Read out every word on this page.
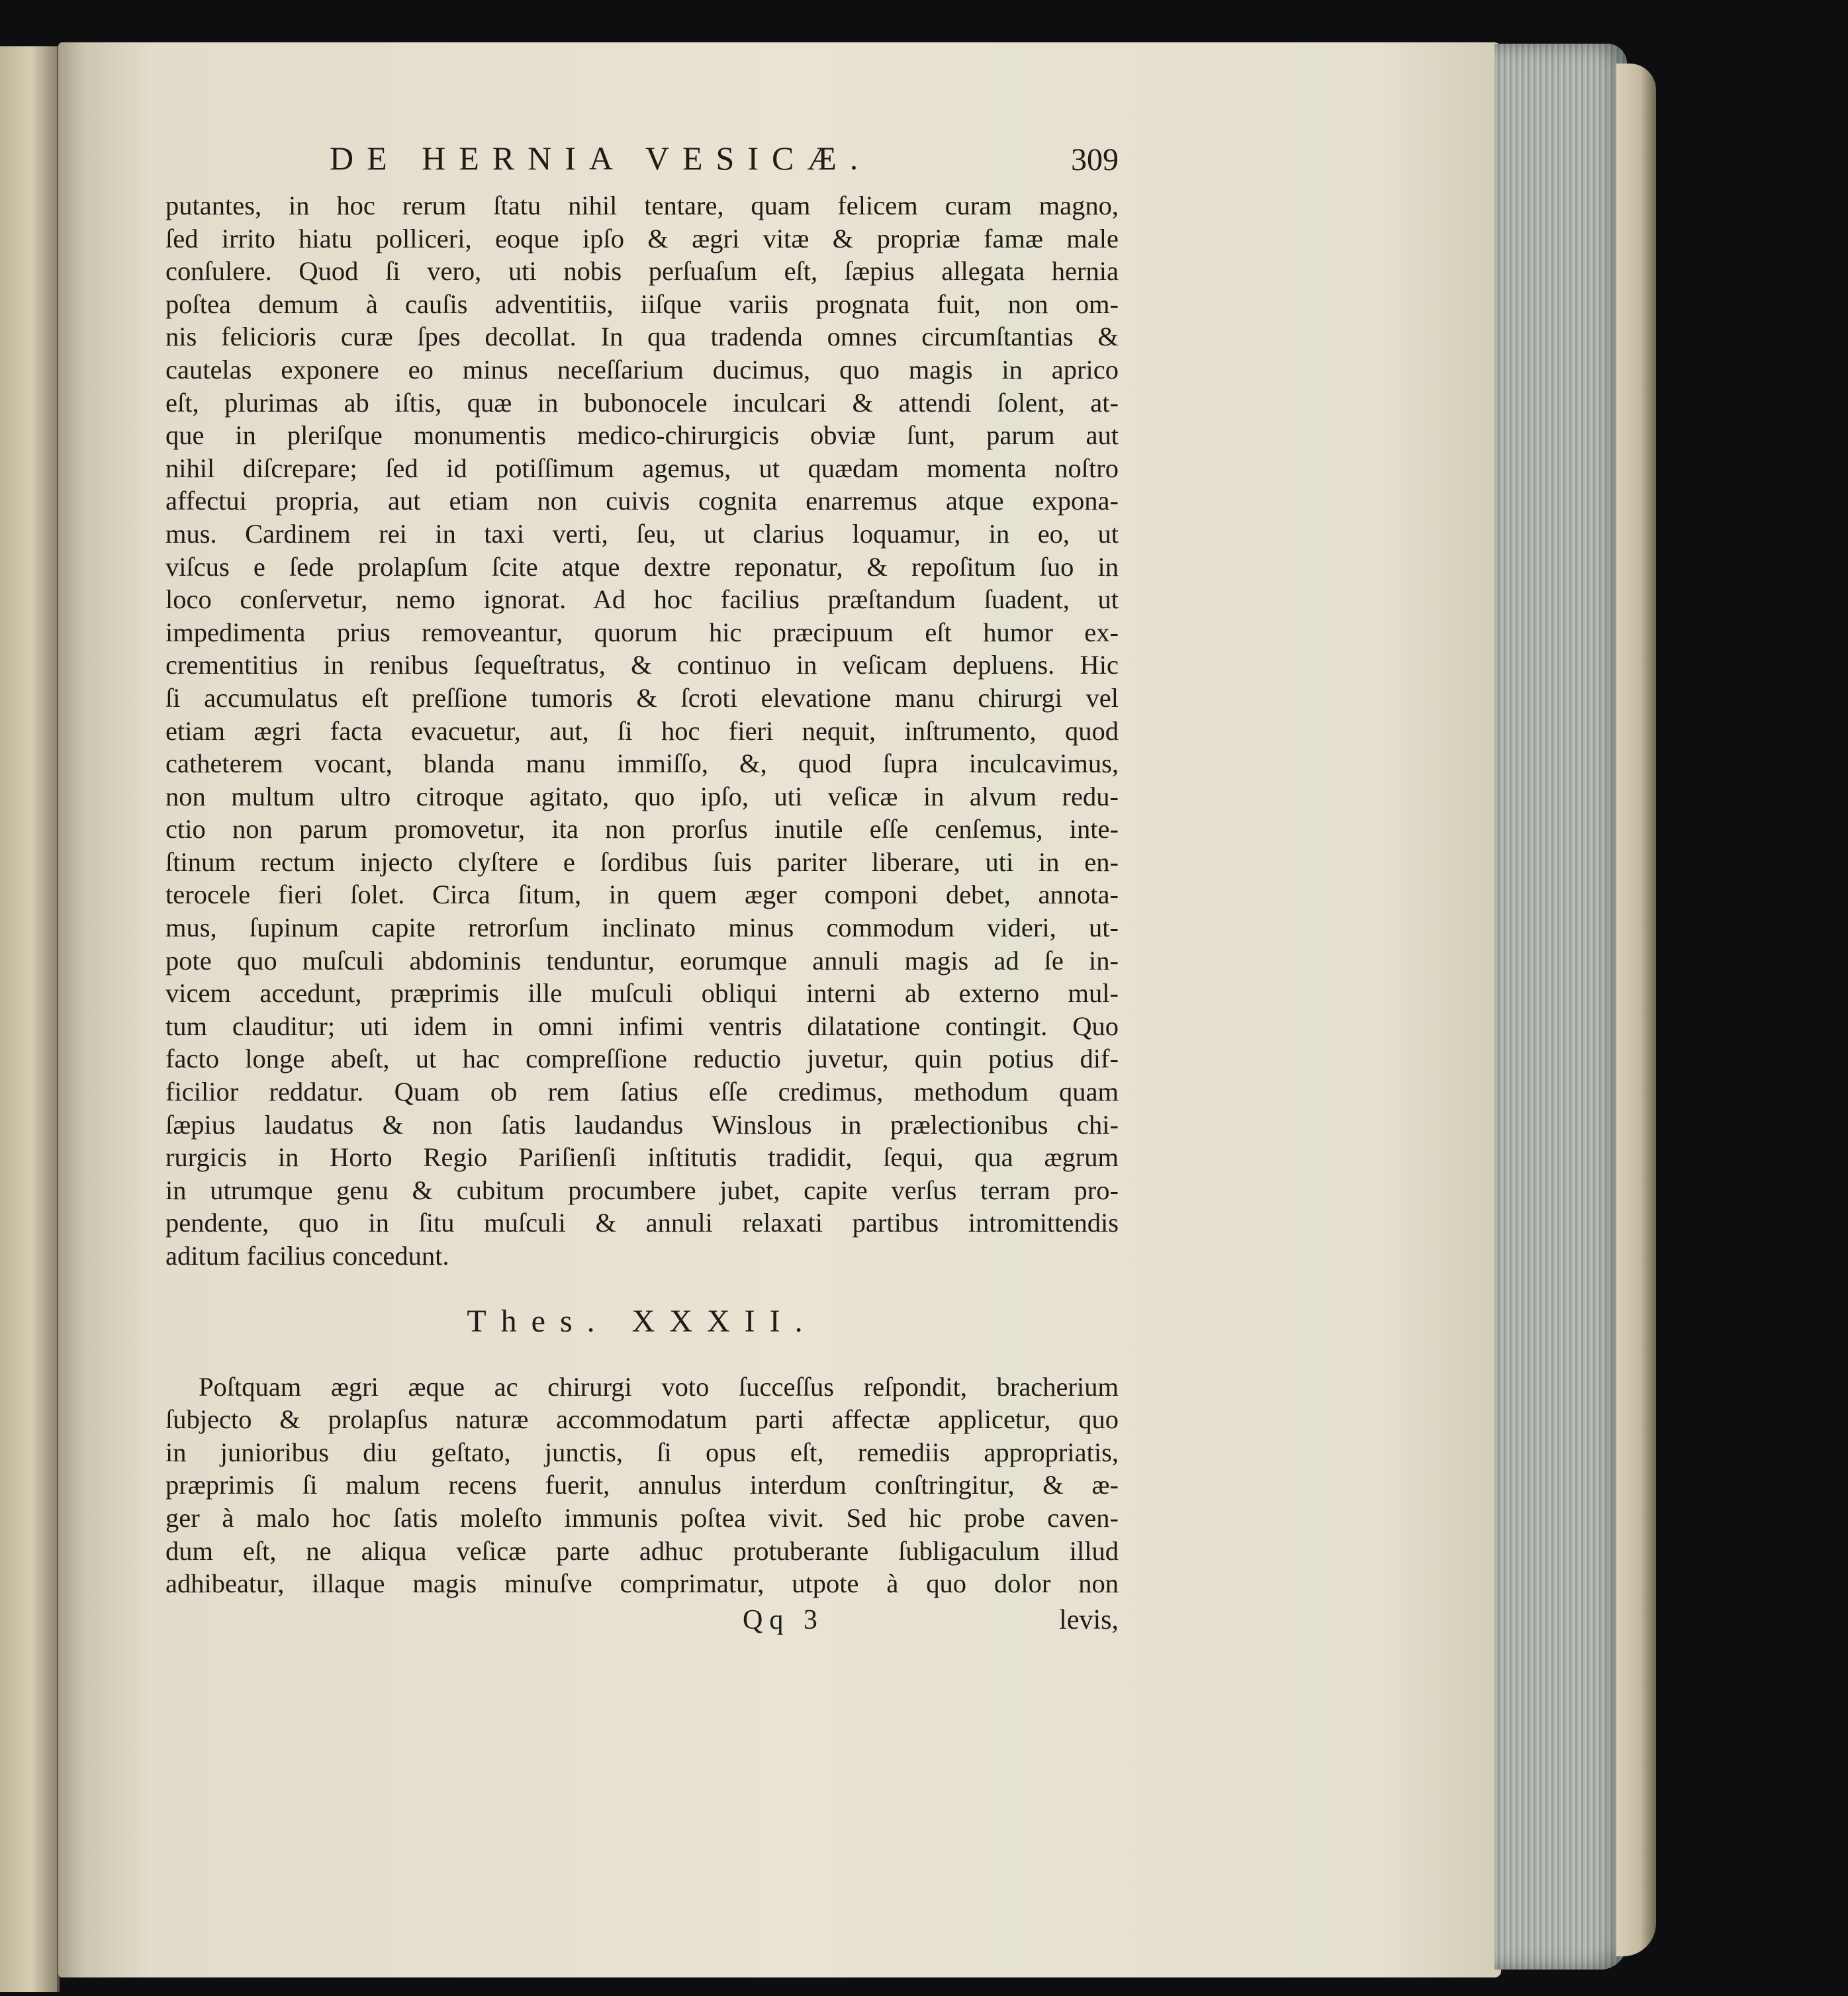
DE HERNIA VESICÆ.	309
putantes, in hoc rerum ſtatu nihil tentare, quam felicem curam magno,
ſed irrito hiatu polliceri, eoque ipſo & ægri vitæ & propriæ famæ male
conſulere. Quod ſi vero, uti nobis perſuaſum eſt, ſæpius allegata hernia
poſtea demum à cauſis adventitiis, iiſque variis prognata fuit, non om-
nis felicioris curæ ſpes decollat. In qua tradenda omnes circumſtantias &
cautelas exponere eo minus neceſſarium ducimus, quo magis in aprico
eſt, plurimas ab iſtis, quæ in bubonocele inculcari & attendi ſolent, at-
que in pleriſque monumentis medico-chirurgicis obviæ ſunt, parum aut
nihil diſcrepare; ſed id potiſſimum agemus, ut quædam momenta noſtro
affectui propria, aut etiam non cuivis cognita enarremus atque expona-
mus. Cardinem rei in taxi verti, ſeu, ut clarius loquamur, in eo, ut
viſcus e ſede prolapſum ſcite atque dextre reponatur, & repoſitum ſuo in
loco conſervetur, nemo ignorat. Ad hoc facilius præſtandum ſuadent, ut
impedimenta prius removeantur, quorum hic præcipuum eſt humor ex-
crementitius in renibus ſequeſtratus, & continuo in veſicam depluens. Hic
ſi accumulatus eſt preſſione tumoris & ſcroti elevatione manu chirurgi vel
etiam ægri facta evacuetur, aut, ſi hoc fieri nequit, inſtrumento, quod
catheterem vocant, blanda manu immiſſo, &, quod ſupra inculcavimus,
non multum ultro citroque agitato, quo ipſo, uti veſicæ in alvum redu-
ctio non parum promovetur, ita non prorſus inutile eſſe cenſemus, inte-
ſtinum rectum injecto clyſtere e ſordibus ſuis pariter liberare, uti in en-
terocele fieri ſolet. Circa ſitum, in quem æger componi debet, annota-
mus, ſupinum capite retrorſum inclinato minus commodum videri, ut-
pote quo muſculi abdominis tenduntur, eorumque annuli magis ad ſe in-
vicem accedunt, præprimis ille muſculi obliqui interni ab externo mul-
tum clauditur; uti idem in omni infimi ventris dilatatione contingit. Quo
facto longe abeſt, ut hac compreſſione reductio juvetur, quin potius dif-
ficilior reddatur. Quam ob rem ſatius eſſe credimus, methodum quam
ſæpius laudatus & non ſatis laudandus Winslous in prælectionibus chi-
rurgicis in Horto Regio Pariſienſi inſtitutis tradidit, ſequi, qua ægrum
in utrumque genu & cubitum procumbere jubet, capite verſus terram pro-
pendente, quo in ſitu muſculi & annuli relaxati partibus intromittendis
aditum facilius concedunt.
Thes. XXXII.
Poſtquam ægri æque ac chirurgi voto ſucceſſus reſpondit, bracherium
ſubjecto & prolapſus naturæ accommodatum parti affectæ applicetur, quo
in junioribus diu geſtato, junctis, ſi opus eſt, remediis appropriatis,
præprimis ſi malum recens fuerit, annulus interdum conſtringitur, & æ-
ger à malo hoc ſatis moleſto immunis poſtea vivit. Sed hic probe caven-
dum eſt, ne aliqua veſicæ parte adhuc protuberante ſubligaculum illud
adhibeatur, illaque magis minuſve comprimatur, utpote à quo dolor non
Qq 3	levis,
